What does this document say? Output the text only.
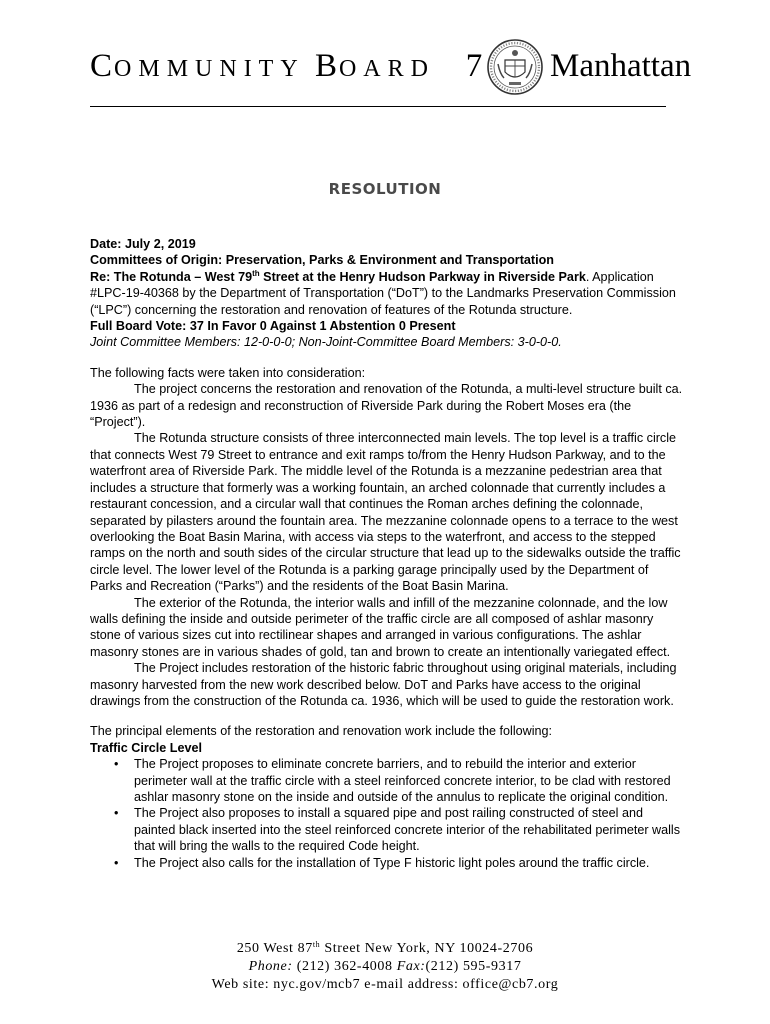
COMMUNITY BOARD 7 Manhattan
RESOLUTION

Date: July 2, 2019

Committees of Origin: Preservation, Parks & Environment and Transportation

Re: The Rotunda – West 79th Street at the Henry Hudson Parkway in Riverside Park. Application #LPC-19-40368 by the Department of Transportation (“DoT”) to the Landmarks Preservation Commission (“LPC”) concerning the restoration and renovation of features of the Rotunda structure.

Full Board Vote: 37 In Favor 0 Against 1 Abstention 0 Present

Joint Committee Members: 12-0-0-0; Non-Joint-Committee Board Members: 3-0-0-0.

The following facts were taken into consideration:

The project concerns the restoration and renovation of the Rotunda, a multi-level structure built ca. 1936 as part of a redesign and reconstruction of Riverside Park during the Robert Moses era (the “Project”).

The Rotunda structure consists of three interconnected main levels. The top level is a traffic circle that connects West 79 Street to entrance and exit ramps to/from the Henry Hudson Parkway, and to the waterfront area of Riverside Park. The middle level of the Rotunda is a mezzanine pedestrian area that includes a structure that formerly was a working fountain, an arched colonnade that currently includes a restaurant concession, and a circular wall that continues the Roman arches defining the colonnade, separated by pilasters around the fountain area. The mezzanine colonnade opens to a terrace to the west overlooking the Boat Basin Marina, with access via steps to the waterfront, and access to the stepped ramps on the north and south sides of the circular structure that lead up to the sidewalks outside the traffic circle level. The lower level of the Rotunda is a parking garage principally used by the Department of Parks and Recreation (“Parks”) and the residents of the Boat Basin Marina.

The exterior of the Rotunda, the interior walls and infill of the mezzanine colonnade, and the low walls defining the inside and outside perimeter of the traffic circle are all composed of ashlar masonry stone of various sizes cut into rectilinear shapes and arranged in various configurations. The ashlar masonry stones are in various shades of gold, tan and brown to create an intentionally variegated effect.

The Project includes restoration of the historic fabric throughout using original materials, including masonry harvested from the new work described below. DoT and Parks have access to the original drawings from the construction of the Rotunda ca. 1936, which will be used to guide the restoration work.

The principal elements of the restoration and renovation work include the following:

Traffic Circle Level

• The Project proposes to eliminate concrete barriers, and to rebuild the interior and exterior perimeter wall at the traffic circle with a steel reinforced concrete interior, to be clad with restored ashlar masonry stone on the inside and outside of the annulus to replicate the original condition.
• The Project also proposes to install a squared pipe and post railing constructed of steel and painted black inserted into the steel reinforced concrete interior of the rehabilitated perimeter walls that will bring the walls to the required Code height.
• The Project also calls for the installation of Type F historic light poles around the traffic circle.
250 West 87th Street New York, NY 10024-2706
Phone: (212) 362-4008 Fax:(212) 595-9317
Web site: nyc.gov/mcb7 e-mail address: office@cb7.org
